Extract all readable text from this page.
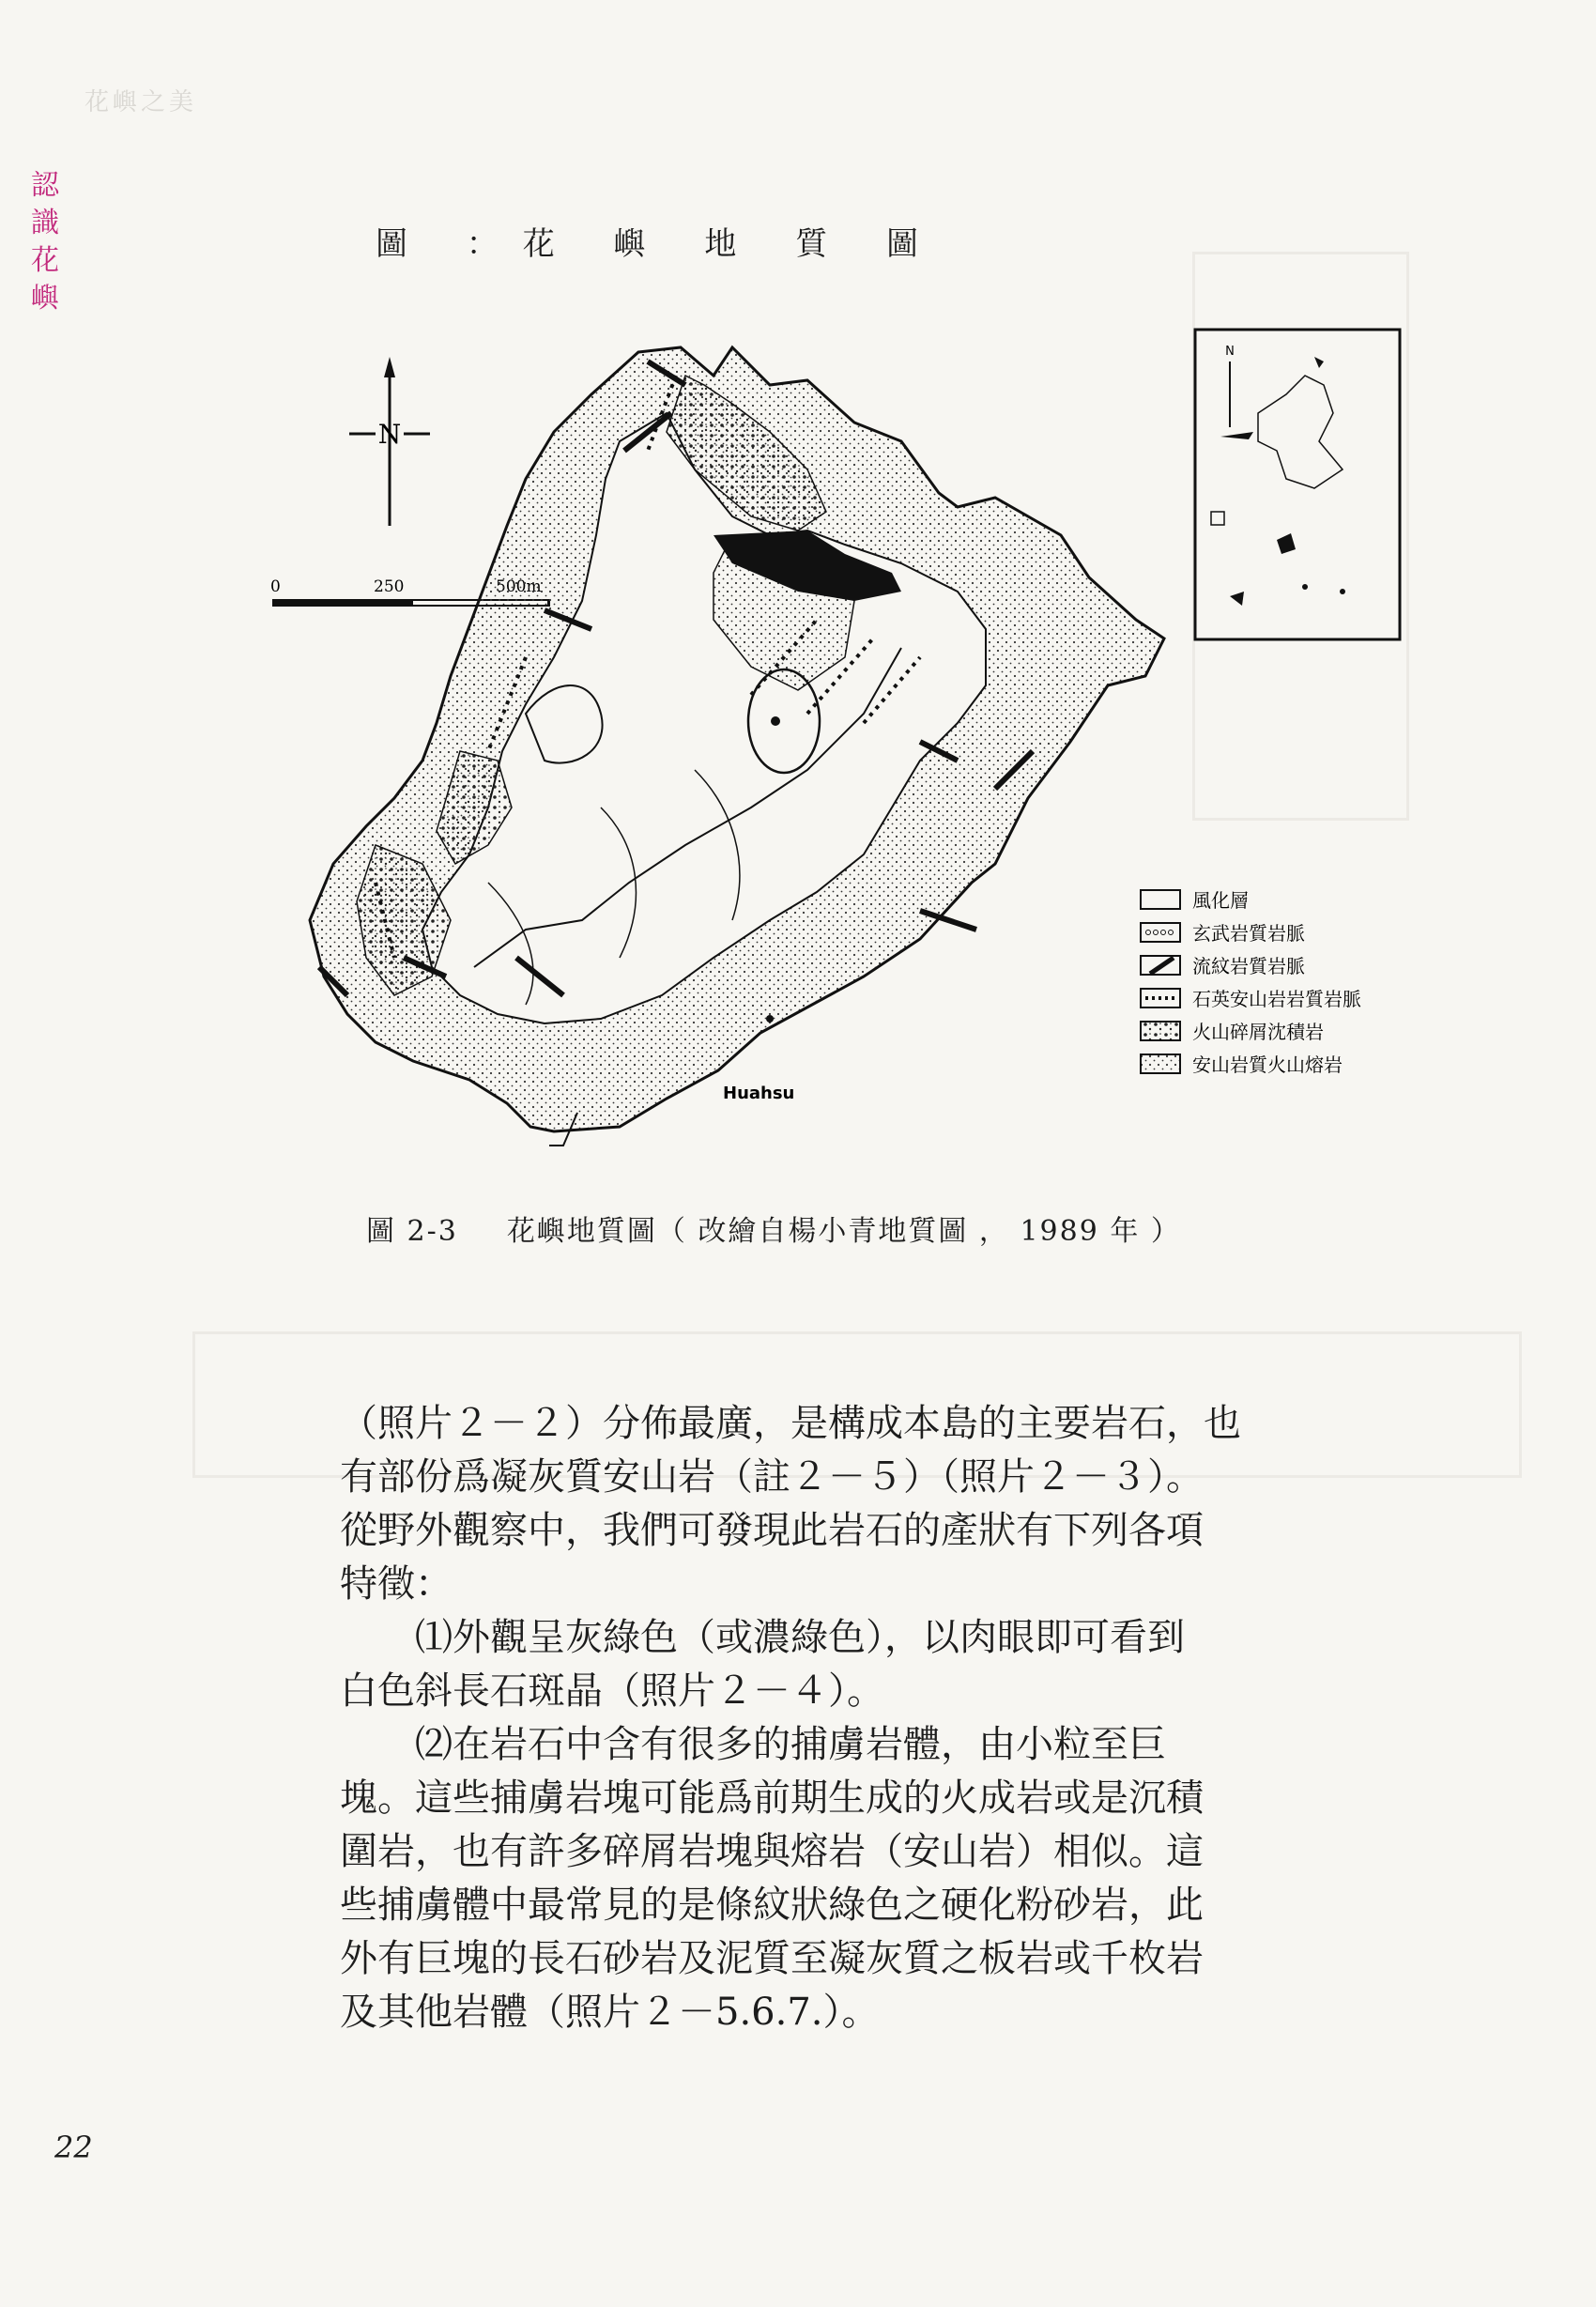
花嶼之美
認
識
花
嶼
圖 ：花 嶼 地 質 圖
N
0	250
Huahsu
N
風化層
玄武岩質岩脈
流紋岩質岩脈
石英安山岩岩質岩脈
火山碎屑沈積岩
安山岩質火山熔岩
圖 2-3 花嶼地質圖（ 改繪自楊小青地質圖 ， 1989 年 ）

（照片２－２）分佈最廣，是構成本島的主要岩石，也

有部份爲凝灰質安山岩（註２－５）（照片２－３）。

從野外觀察中，我們可發現此岩石的產狀有下列各項

特徵：

⑴外觀呈灰綠色（或濃綠色），以肉眼即可看到

白色斜長石斑晶（照片２－４）。

⑵在岩石中含有很多的捕虜岩體，由小粒至巨

塊。這些捕虜岩塊可能爲前期生成的火成岩或是沉積

圍岩，也有許多碎屑岩塊與熔岩（安山岩）相似。這

些捕虜體中最常見的是條紋狀綠色之硬化粉砂岩，此

外有巨塊的長石砂岩及泥質至凝灰質之板岩或千枚岩

及其他岩體（照片２－5.6.7.）。

22
